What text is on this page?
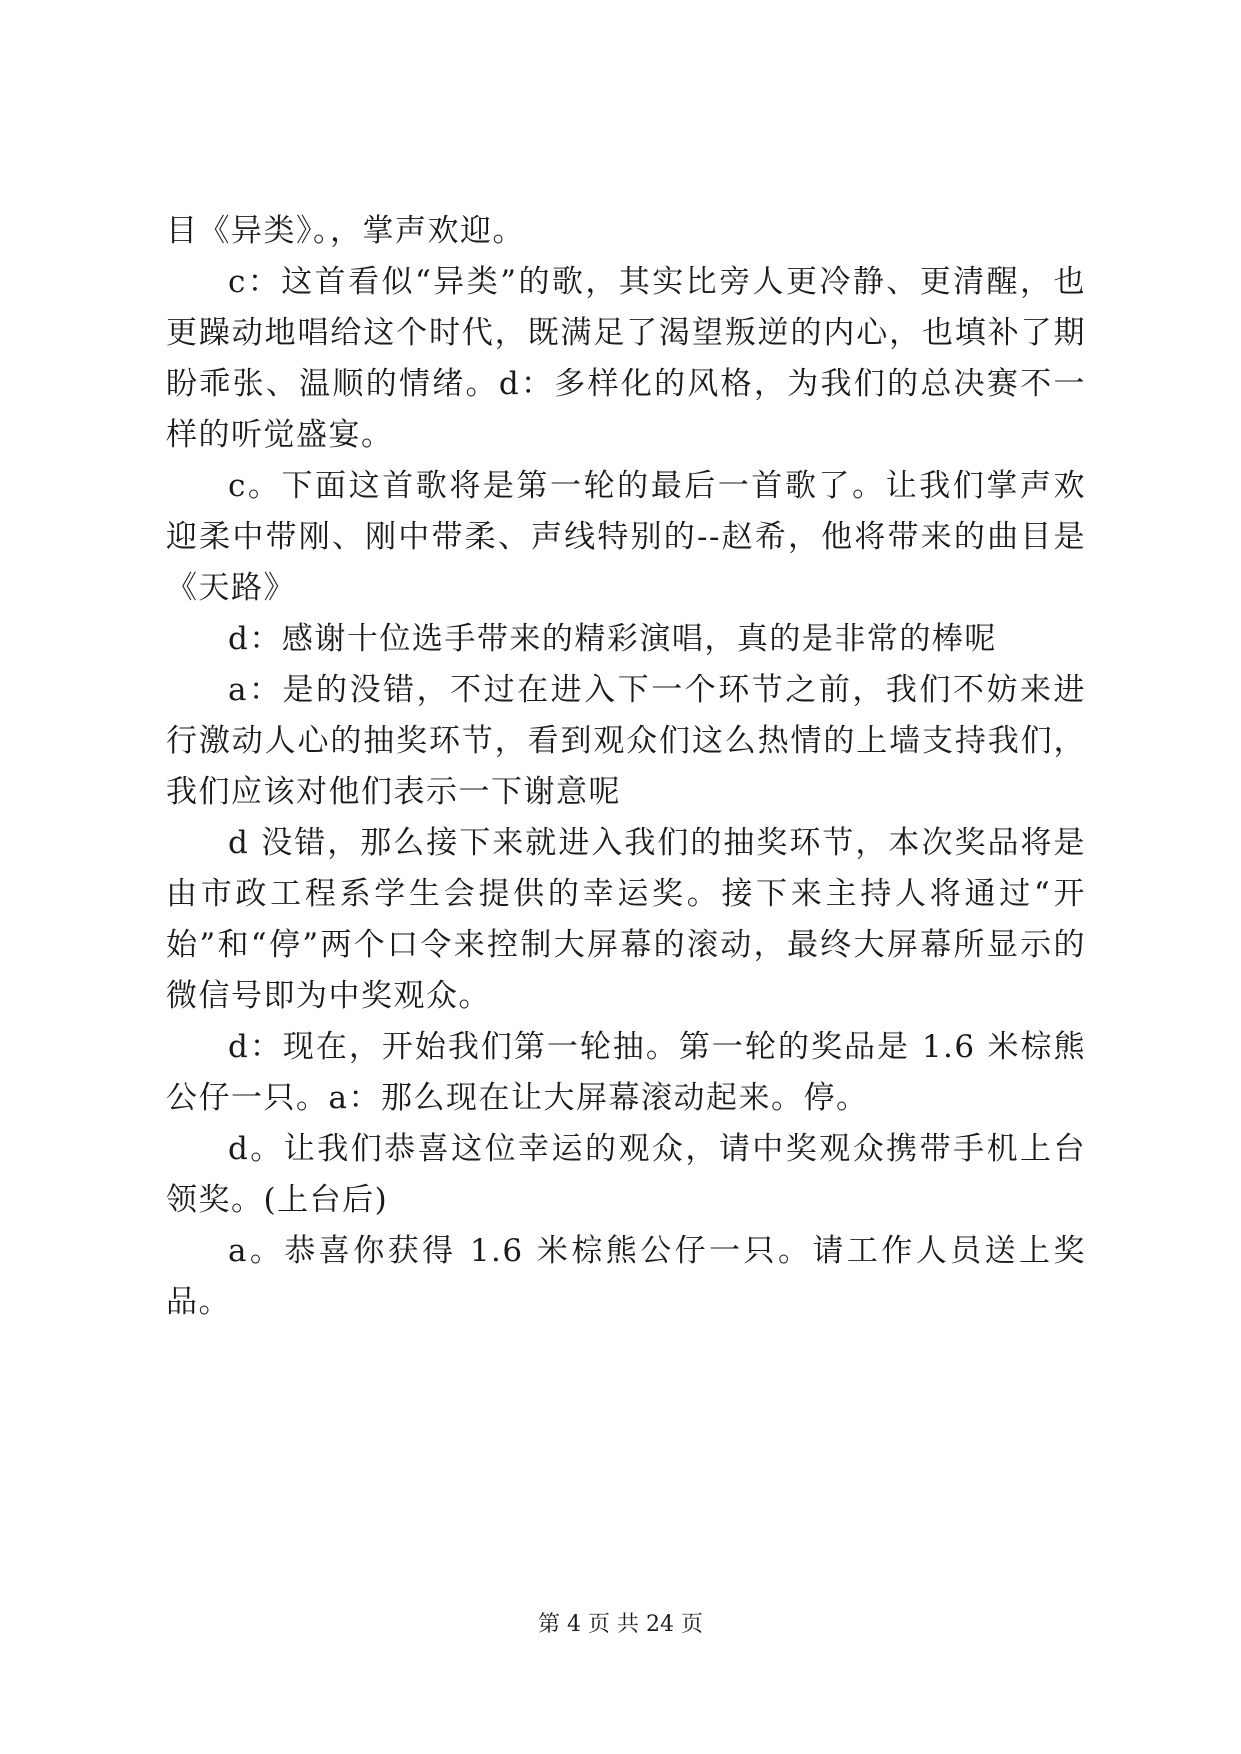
目《异类》。，掌声欢迎。

c：这首看似“异类”的歌，其实比旁人更冷静、更清醒，也更躁动地唱给这个时代，既满足了渴望叛逆的内心，也填补了期盼乖张、温顺的情绪。d：多样化的风格，为我们的总决赛不一样的听觉盛宴。

c。下面这首歌将是第一轮的最后一首歌了。让我们掌声欢迎柔中带刚、刚中带柔、声线特别的--赵希，他将带来的曲目是《天路》

d：感谢十位选手带来的精彩演唱，真的是非常的棒呢

a：是的没错，不过在进入下一个环节之前，我们不妨来进行激动人心的抽奖环节，看到观众们这么热情的上墙支持我们，我们应该对他们表示一下谢意呢

d 没错，那么接下来就进入我们的抽奖环节，本次奖品将是由市政工程系学生会提供的幸运奖。接下来主持人将通过“开始”和“停”两个口令来控制大屏幕的滚动，最终大屏幕所显示的微信号即为中奖观众。

d：现在，开始我们第一轮抽。第一轮的奖品是 1.6 米棕熊公仔一只。a：那么现在让大屏幕滚动起来。停。

d。让我们恭喜这位幸运的观众，请中奖观众携带手机上台领奖。(上台后)

a。恭喜你获得 1.6 米棕熊公仔一只。请工作人员送上奖品。

第 4 页 共 24 页
